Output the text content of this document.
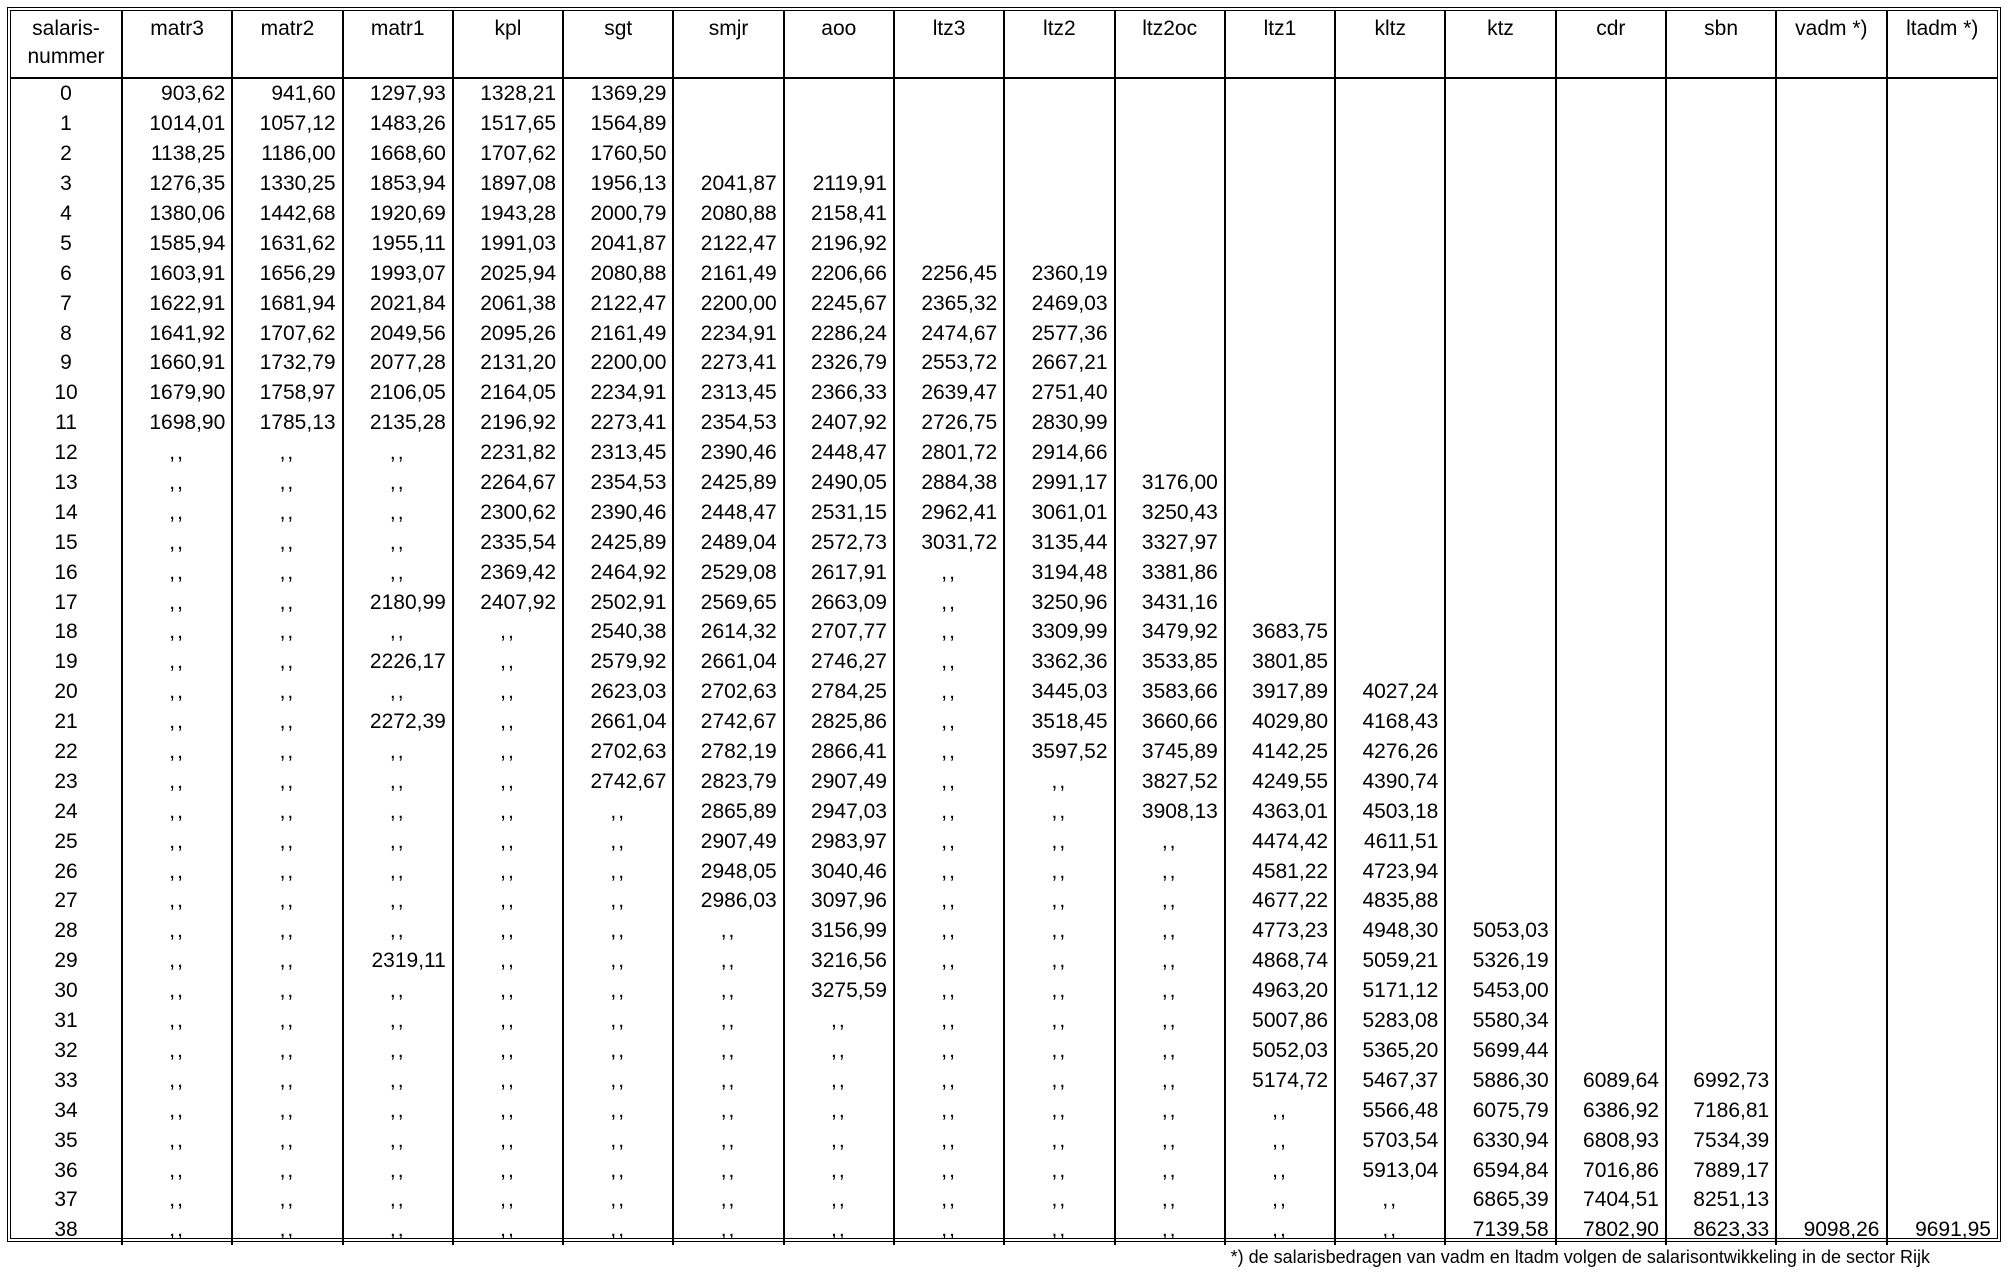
salaris-
nummer	matr3	matr2	matr1	kpl	sgt	smjr	aoo	ltz3	ltz2	ltz2oc	ltz1	kltz	ktz	cdr	sbn	vadm *)	ltadm *)
0	903,62	941,60	1297,93	1328,21	1369,29												
1	1014,01	1057,12	1483,26	1517,65	1564,89												
2	1138,25	1186,00	1668,60	1707,62	1760,50												
3	1276,35	1330,25	1853,94	1897,08	1956,13	2041,87	2119,91										
4	1380,06	1442,68	1920,69	1943,28	2000,79	2080,88	2158,41										
5	1585,94	1631,62	1955,11	1991,03	2041,87	2122,47	2196,92										
6	1603,91	1656,29	1993,07	2025,94	2080,88	2161,49	2206,66	2256,45	2360,19								
7	1622,91	1681,94	2021,84	2061,38	2122,47	2200,00	2245,67	2365,32	2469,03								
8	1641,92	1707,62	2049,56	2095,26	2161,49	2234,91	2286,24	2474,67	2577,36								
9	1660,91	1732,79	2077,28	2131,20	2200,00	2273,41	2326,79	2553,72	2667,21								
10	1679,90	1758,97	2106,05	2164,05	2234,91	2313,45	2366,33	2639,47	2751,40								
11	1698,90	1785,13	2135,28	2196,92	2273,41	2354,53	2407,92	2726,75	2830,99								
12	,,	,,	,,	2231,82	2313,45	2390,46	2448,47	2801,72	2914,66								
13	,,	,,	,,	2264,67	2354,53	2425,89	2490,05	2884,38	2991,17	3176,00							
14	,,	,,	,,	2300,62	2390,46	2448,47	2531,15	2962,41	3061,01	3250,43							
15	,,	,,	,,	2335,54	2425,89	2489,04	2572,73	3031,72	3135,44	3327,97							
16	,,	,,	,,	2369,42	2464,92	2529,08	2617,91	,,	3194,48	3381,86							
17	,,	,,	2180,99	2407,92	2502,91	2569,65	2663,09	,,	3250,96	3431,16							
18	,,	,,	,,	,,	2540,38	2614,32	2707,77	,,	3309,99	3479,92	3683,75						
19	,,	,,	2226,17	,,	2579,92	2661,04	2746,27	,,	3362,36	3533,85	3801,85						
20	,,	,,	,,	,,	2623,03	2702,63	2784,25	,,	3445,03	3583,66	3917,89	4027,24					
21	,,	,,	2272,39	,,	2661,04	2742,67	2825,86	,,	3518,45	3660,66	4029,80	4168,43					
22	,,	,,	,,	,,	2702,63	2782,19	2866,41	,,	3597,52	3745,89	4142,25	4276,26					
23	,,	,,	,,	,,	2742,67	2823,79	2907,49	,,	,,	3827,52	4249,55	4390,74					
24	,,	,,	,,	,,	,,	2865,89	2947,03	,,	,,	3908,13	4363,01	4503,18					
25	,,	,,	,,	,,	,,	2907,49	2983,97	,,	,,	,,	4474,42	4611,51					
26	,,	,,	,,	,,	,,	2948,05	3040,46	,,	,,	,,	4581,22	4723,94					
27	,,	,,	,,	,,	,,	2986,03	3097,96	,,	,,	,,	4677,22	4835,88					
28	,,	,,	,,	,,	,,	,,	3156,99	,,	,,	,,	4773,23	4948,30	5053,03				
29	,,	,,	2319,11	,,	,,	,,	3216,56	,,	,,	,,	4868,74	5059,21	5326,19				
30	,,	,,	,,	,,	,,	,,	3275,59	,,	,,	,,	4963,20	5171,12	5453,00				
31	,,	,,	,,	,,	,,	,,	,,	,,	,,	,,	5007,86	5283,08	5580,34				
32	,,	,,	,,	,,	,,	,,	,,	,,	,,	,,	5052,03	5365,20	5699,44				
33	,,	,,	,,	,,	,,	,,	,,	,,	,,	,,	5174,72	5467,37	5886,30	6089,64	6992,73		
34	,,	,,	,,	,,	,,	,,	,,	,,	,,	,,	,,	5566,48	6075,79	6386,92	7186,81		
35	,,	,,	,,	,,	,,	,,	,,	,,	,,	,,	,,	5703,54	6330,94	6808,93	7534,39		
36	,,	,,	,,	,,	,,	,,	,,	,,	,,	,,	,,	5913,04	6594,84	7016,86	7889,17		
37	,,	,,	,,	,,	,,	,,	,,	,,	,,	,,	,,	,,	6865,39	7404,51	8251,13		
38	,,	,,	,,	,,	,,	,,	,,	,,	,,	,,	,,	,,	7139,58	7802,90	8623,33	9098,26	9691,95
*) de salarisbedragen van vadm en ltadm volgen de salarisontwikkeling in de sector Rijk
